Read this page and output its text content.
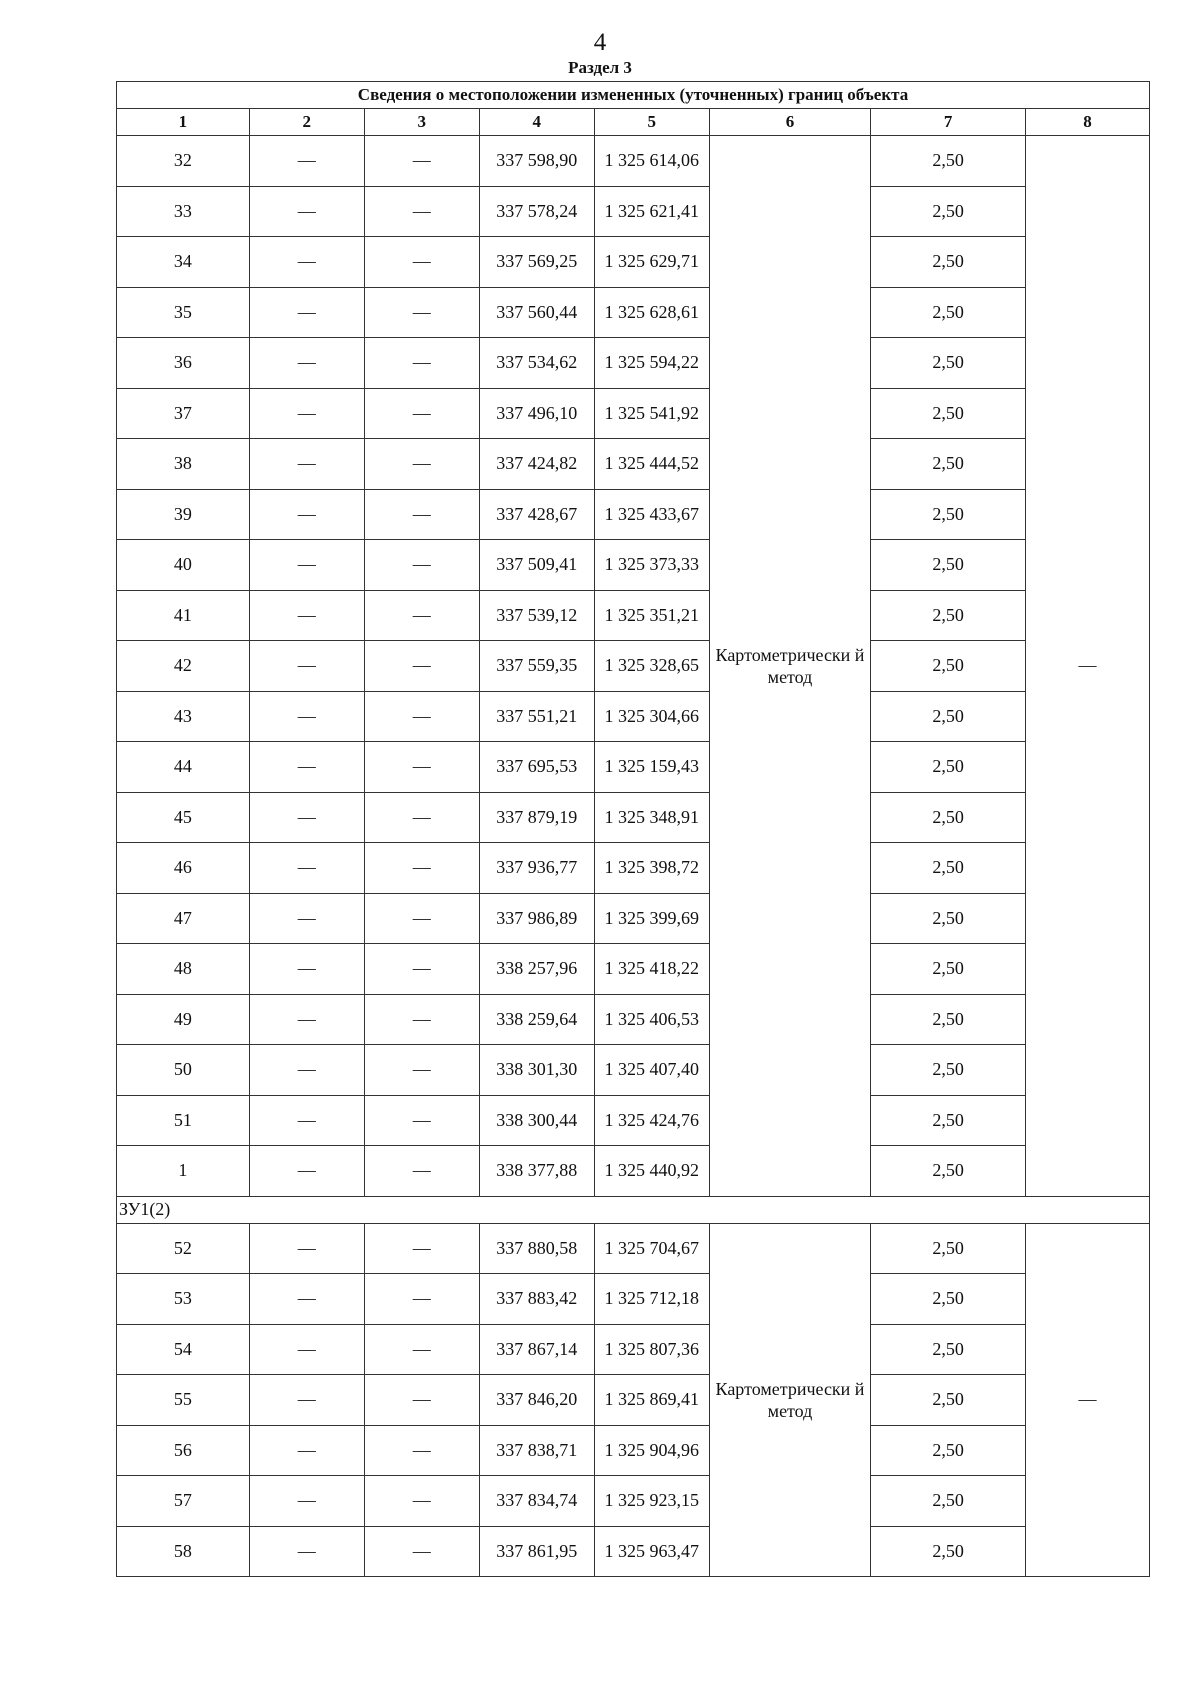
4
Раздел 3
Сведения о местоположении измененных (уточненных) границ объекта							
1	2	3	4	5	6	7	8
32	—	—	337 598,90	1 325 614,06	Картометрически й метод	2,50	—
33	—	—	337 578,24	1 325 621,41		2,50	
34	—	—	337 569,25	1 325 629,71		2,50	
35	—	—	337 560,44	1 325 628,61		2,50	
36	—	—	337 534,62	1 325 594,22		2,50	
37	—	—	337 496,10	1 325 541,92		2,50	
38	—	—	337 424,82	1 325 444,52		2,50	
39	—	—	337 428,67	1 325 433,67		2,50	
40	—	—	337 509,41	1 325 373,33		2,50	
41	—	—	337 539,12	1 325 351,21		2,50	
42	—	—	337 559,35	1 325 328,65		2,50	
43	—	—	337 551,21	1 325 304,66		2,50	
44	—	—	337 695,53	1 325 159,43		2,50	
45	—	—	337 879,19	1 325 348,91		2,50	
46	—	—	337 936,77	1 325 398,72		2,50	
47	—	—	337 986,89	1 325 399,69		2,50	
48	—	—	338 257,96	1 325 418,22		2,50	
49	—	—	338 259,64	1 325 406,53		2,50	
50	—	—	338 301,30	1 325 407,40		2,50	
51	—	—	338 300,44	1 325 424,76		2,50	
1	—	—	338 377,88	1 325 440,92		2,50	
ЗУ1(2)							
52	—	—	337 880,58	1 325 704,67	Картометрически й метод	2,50	—
53	—	—	337 883,42	1 325 712,18		2,50	
54	—	—	337 867,14	1 325 807,36		2,50	
55	—	—	337 846,20	1 325 869,41		2,50	
56	—	—	337 838,71	1 325 904,96		2,50	
57	—	—	337 834,74	1 325 923,15		2,50	
58	—	—	337 861,95	1 325 963,47		2,50	
